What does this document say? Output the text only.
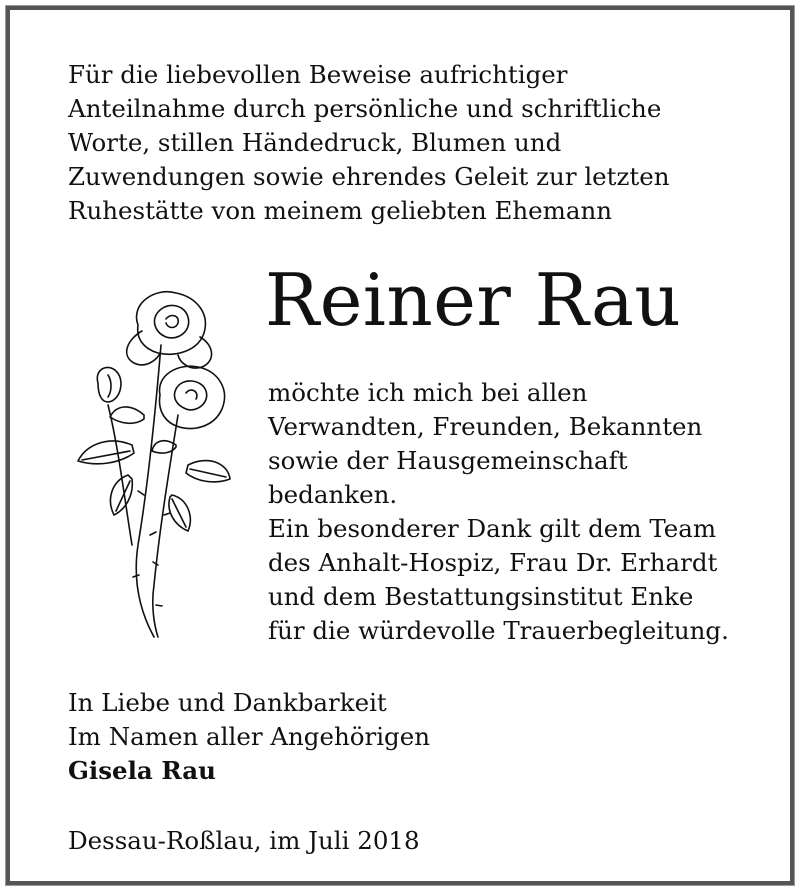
Für die liebevollen Beweise aufrichtiger
Anteilnahme durch persönliche und schriftliche
Worte, stillen Händedruck, Blumen und
Zuwendungen sowie ehrendes Geleit zur letzten
Ruhestätte von meinem geliebten Ehemann
Reiner Rau
möchte ich mich bei allen
Verwandten, Freunden, Bekannten
sowie der Hausgemeinschaft
bedanken.
Ein besonderer Dank gilt dem Team
des Anhalt-Hospiz, Frau Dr. Erhardt
und dem Bestattungsinstitut Enke
für die würdevolle Trauerbegleitung.
In Liebe und Dankbarkeit
Im Namen aller Angehörigen
Gisela Rau
Dessau-Roßlau, im Juli 2018
